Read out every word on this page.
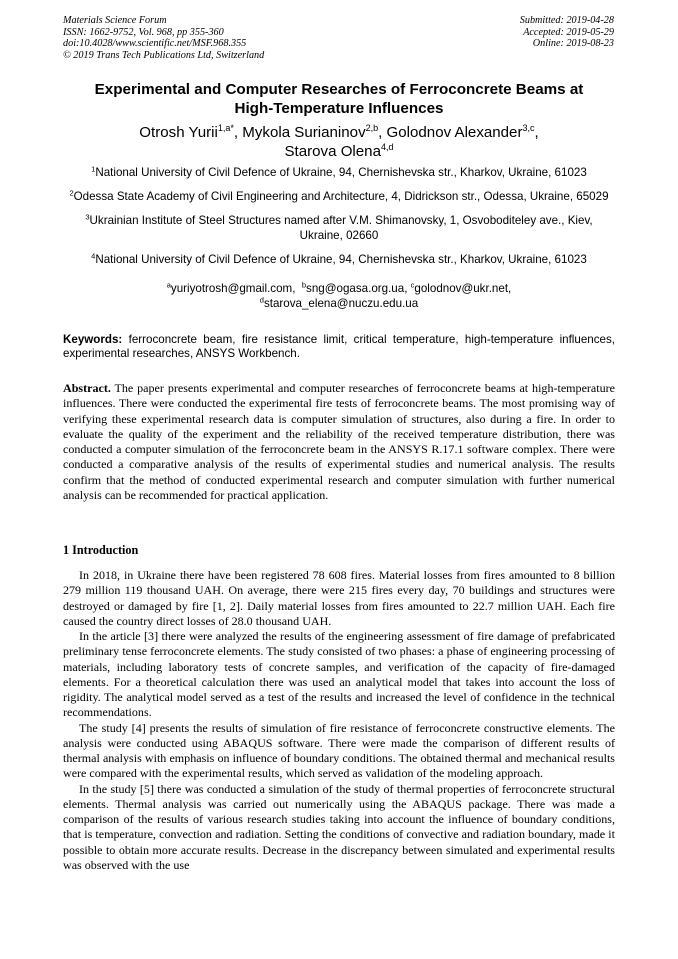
Materials Science Forum
ISSN: 1662-9752, Vol. 968, pp 355-360
doi:10.4028/www.scientific.net/MSF.968.355
© 2019 Trans Tech Publications Ltd, Switzerland
Submitted: 2019-04-28
Accepted: 2019-05-29
Online: 2019-08-23
Experimental and Computer Researches of Ferroconcrete Beams at
High-Temperature Influences
Otrosh Yurii$^{1,a*}$, Mykola Surianinov$^{2,b}$, Golodnov Alexander$^{3,c}$,
Starova Olena$^{4,d}$
$^1$National University of Civil Defence of Ukraine, 94, Chernishevska str., Kharkov, Ukraine, 61023
$^2$Odessa State Academy of Civil Engineering and Architecture, 4, Didrickson str., Odessa, Ukraine, 65029
$^3$Ukrainian Institute of Steel Structures named after V.M. Shimanovsky, 1, Osvoboditeley ave., Kiev, Ukraine, 02660
$^4$National University of Civil Defence of Ukraine, 94, Chernishevska str., Kharkov, Ukraine, 61023
$^a$yuriyotrosh@gmail.com, $^b$sng@ogasa.org.ua, $^c$golodnov@ukr.net,
$^d$starova_elena@nuczu.edu.ua
Keywords: ferroconcrete beam, fire resistance limit, critical temperature, high-temperature influences, experimental researches, ANSYS Workbench.
Abstract. The paper presents experimental and computer researches of ferroconcrete beams at high-temperature influences. There were conducted the experimental fire tests of ferroconcrete beams. The most promising way of verifying these experimental research data is computer simulation of structures, also during a fire. In order to evaluate the quality of the experiment and the reliability of the received temperature distribution, there was conducted a computer simulation of the ferroconcrete beam in the ANSYS R.17.1 software complex. There were conducted a comparative analysis of the results of experimental studies and numerical analysis. The results confirm that the method of conducted experimental research and computer simulation with further numerical analysis can be recommended for practical application.
1 Introduction

In 2018, in Ukraine there have been registered 78 608 fires. Material losses from fires amounted to 8 billion 279 million 119 thousand UAH. On average, there were 215 fires every day, 70 buildings and structures were destroyed or damaged by fire [1, 2]. Daily material losses from fires amounted to 22.7 million UAH. Each fire caused the country direct losses of 28.0 thousand UAH.

In the article [3] there were analyzed the results of the engineering assessment of fire damage of prefabricated preliminary tense ferroconcrete elements. The study consisted of two phases: a phase of engineering processing of materials, including laboratory tests of concrete samples, and verification of the capacity of fire-damaged elements. For a theoretical calculation there was used an analytical model that takes into account the loss of rigidity. The analytical model served as a test of the results and increased the level of confidence in the technical recommendations.

The study [4] presents the results of simulation of fire resistance of ferroconcrete constructive elements. The analysis were conducted using ABAQUS software. There were made the comparison of different results of thermal analysis with emphasis on influence of boundary conditions. The obtained thermal and mechanical results were compared with the experimental results, which served as validation of the modeling approach.

In the study [5] there was conducted a simulation of the study of thermal properties of ferroconcrete structural elements. Thermal analysis was carried out numerically using the ABAQUS package. There was made a comparison of the results of various research studies taking into account the influence of boundary conditions, that is temperature, convection and radiation. Setting the conditions of convective and radiation boundary, made it possible to obtain more accurate results. Decrease in the discrepancy between simulated and experimental results was observed with the use
